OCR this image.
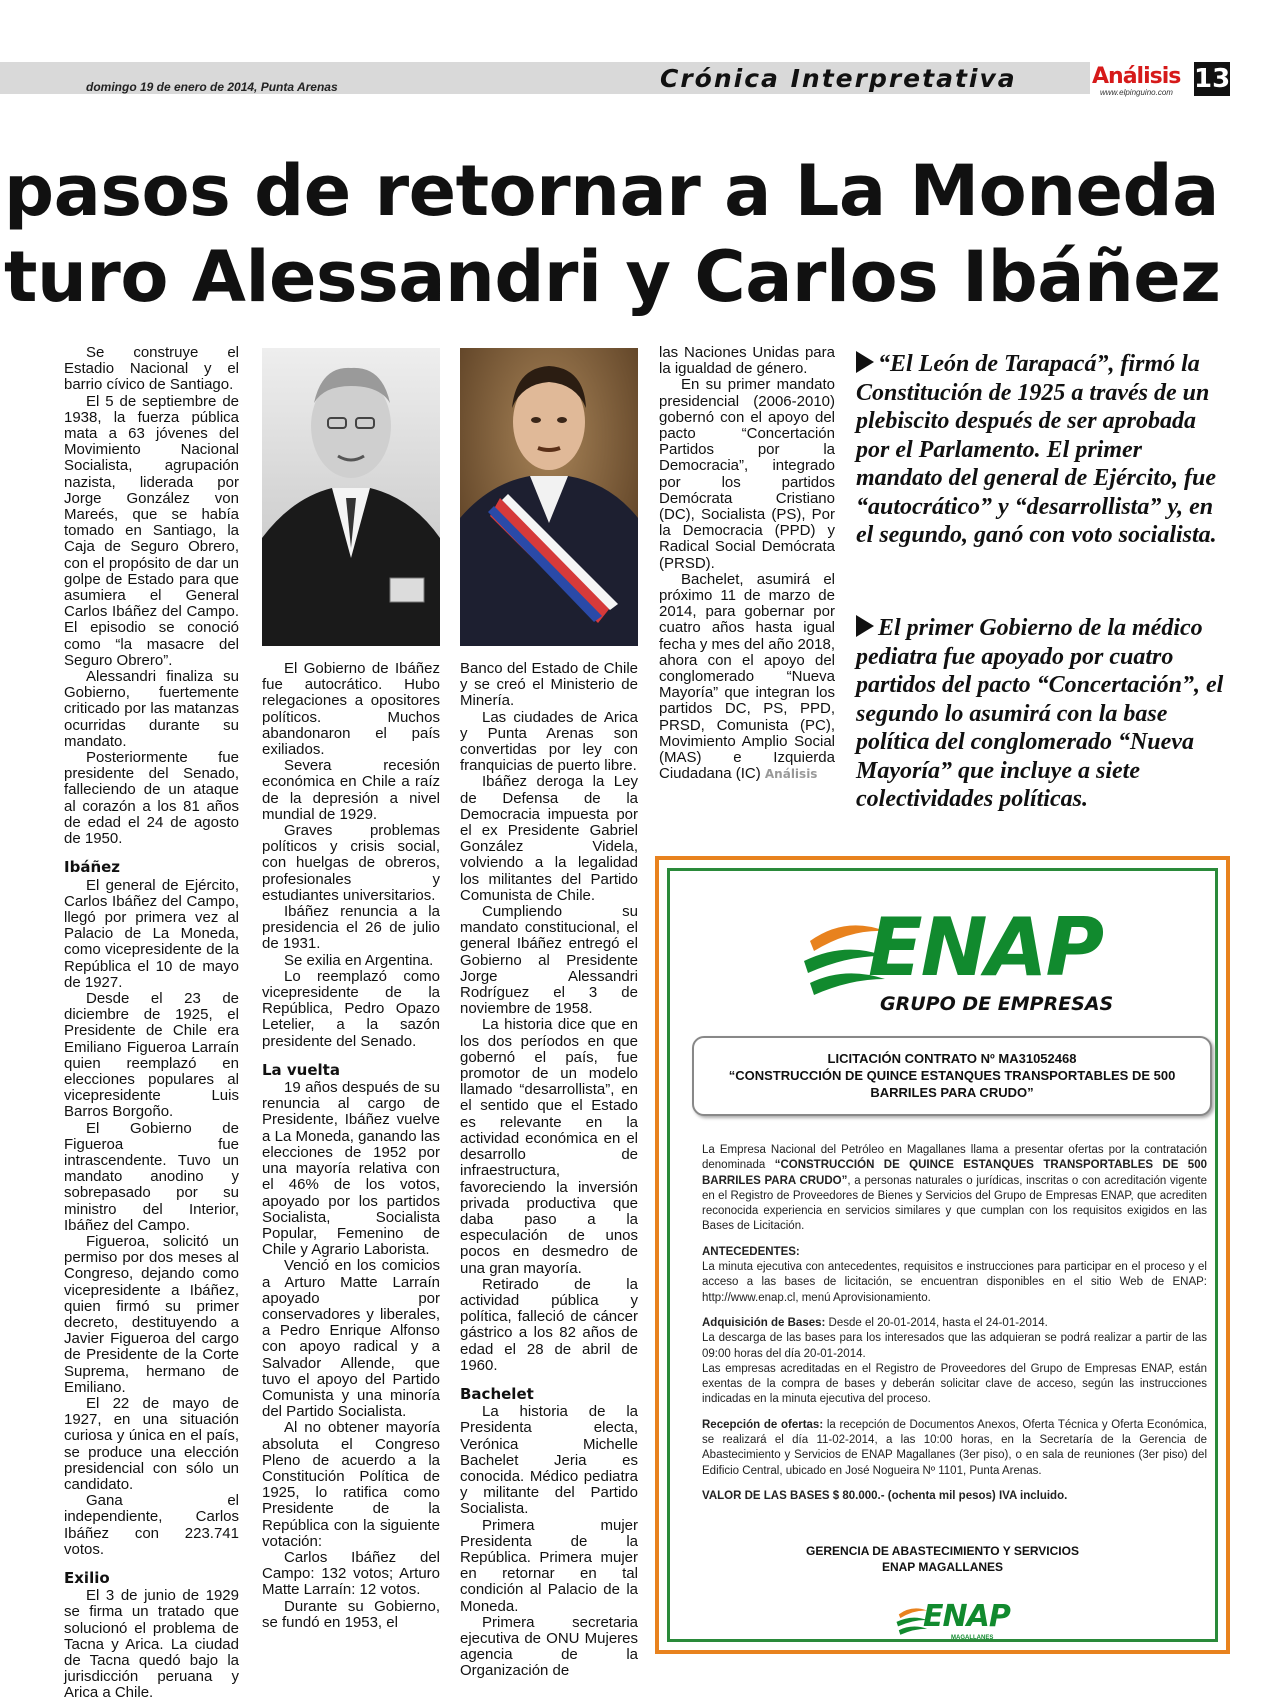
domingo 19 de enero de 2014, Punta Arenas	Crónica Interpretativa	Análisis
www.elpinguino.com 13
pasos de retornar a La Moneda
turo Alessandri y Carlos Ibáñez

Se construye el Estadio Nacional y el barrio cívico de Santiago.

El 5 de septiembre de 1938, la fuerza pública mata a 63 jóvenes del Movimiento Nacional Socialista, agrupación nazista, liderada por Jorge González von Mareés, que se había tomado en Santiago, la Caja de Seguro Obrero, con el propósito de dar un golpe de Estado para que asumiera el General Carlos Ibáñez del Campo. El episodio se conoció como “la masacre del Seguro Obrero”.

Alessandri finaliza su Gobierno, fuertemente criticado por las matanzas ocurridas durante su mandato.

Posteriormente fue presidente del Senado, falleciendo de un ataque al corazón a los 81 años de edad el 24 de agosto de 1950.

Ibáñez

El general de Ejército, Carlos Ibáñez del Campo, llegó por primera vez al Palacio de La Moneda, como vicepresidente de la República el 10 de mayo de 1927.

Desde el 23 de diciembre de 1925, el Presidente de Chile era Emiliano Figueroa Larraín quien reemplazó en elecciones populares al vicepresidente Luis Barros Borgoño.

El Gobierno de Figueroa fue intrascendente. Tuvo un mandato anodino y sobrepasado por su ministro del Interior, Ibáñez del Campo.

Figueroa, solicitó un permiso por dos meses al Congreso, dejando como vicepresidente a Ibáñez, quien firmó su primer decreto, destituyendo a Javier Figueroa del cargo de Presidente de la Corte Suprema, hermano de Emiliano.

El 22 de mayo de 1927, en una situación curiosa y única en el país, se produce una elección presidencial con sólo un candidato.

Gana el independiente, Carlos Ibáñez con 223.741 votos.

Exilio

El 3 de junio de 1929 se firma un tratado que solucionó el problema de Tacna y Arica. La ciudad de Tacna quedó bajo la jurisdicción peruana y Arica a Chile.

El Gobierno de Ibáñez fue autocrático. Hubo relegaciones a opositores políticos. Muchos abandonaron el país exiliados.

Severa recesión económica en Chile a raíz de la depresión a nivel mundial de 1929.

Graves problemas políticos y crisis social, con huelgas de obreros, profesionales y estudiantes universitarios.

Ibáñez renuncia a la presidencia el 26 de julio de 1931.

Se exilia en Argentina.

Lo reemplazó como vicepresidente de la República, Pedro Opazo Letelier, a la sazón presidente del Senado.

La vuelta

19 años después de su renuncia al cargo de Presidente, Ibáñez vuelve a La Moneda, ganando las elecciones de 1952 por una mayoría relativa con el 46% de los votos, apoyado por los partidos Socialista, Socialista Popular, Femenino de Chile y Agrario Laborista.

Venció en los comicios a Arturo Matte Larraín apoyado por conservadores y liberales, a Pedro Enrique Alfonso con apoyo radical y a Salvador Allende, que tuvo el apoyo del Partido Comunista y una minoría del Partido Socialista.

Al no obtener mayoría absoluta el Congreso Pleno de acuerdo a la Constitución Política de 1925, lo ratifica como Presidente de la República con la siguiente votación:

Carlos Ibáñez del Campo: 132 votos; Arturo Matte Larraín: 12 votos.

Durante su Gobierno, se fundó en 1953, el

Banco del Estado de Chile y se creó el Ministerio de Minería.

Las ciudades de Arica y Punta Arenas son convertidas por ley con franquicias de puerto libre.

Ibáñez deroga la Ley de Defensa de la Democracia impuesta por el ex Presidente Gabriel González Videla, volviendo a la legalidad los militantes del Partido Comunista de Chile.

Cumpliendo su mandato constitucional, el general Ibáñez entregó el Gobierno al Presidente Jorge Alessandri Rodríguez el 3 de noviembre de 1958.

La historia dice que en los dos períodos en que gobernó el país, fue promotor de un modelo llamado “desarrollista”, en el sentido que el Estado es relevante en la actividad económica en el desarrollo de infraestructura, favoreciendo la inversión privada productiva que daba paso a la especulación de unos pocos en desmedro de una gran mayoría.

Retirado de la actividad pública y política, falleció de cáncer gástrico a los 82 años de edad el 28 de abril de 1960.

Bachelet

La historia de la Presidenta electa, Verónica Michelle Bachelet Jeria es conocida. Médico pediatra y militante del Partido Socialista.

Primera mujer Presidenta de la República. Primera mujer en retornar en tal condición al Palacio de la Moneda.

Primera secretaria ejecutiva de ONU Mujeres agencia de la Organización de

las Naciones Unidas para la igualdad de género.

En su primer mandato presidencial (2006-2010) gobernó con el apoyo del pacto “Concertación Partidos por la Democracia”, integrado por los partidos Demócrata Cristiano (DC), Socialista (PS), Por la Democracia (PPD) y Radical Social Demócrata (PRSD).

Bachelet, asumirá el próximo 11 de marzo de 2014, para gobernar por cuatro años hasta igual fecha y mes del año 2018, ahora con el apoyo del conglomerado “Nueva Mayoría” que integran los partidos DC, PS, PPD, PRSD, Comunista (PC), Movimiento Amplio Social (MAS) e Izquierda Ciudadana (IC) Análisis

“El León de Tarapacá”, firmó la Constitución de 1925 a través de un plebiscito después de ser aprobada por el Parlamento. El primer mandato del general de Ejército, fue “autocrático” y “desarrollista” y, en el segundo, ganó con voto socialista.
El primer Gobierno de la médico pediatra fue apoyado por cuatro partidos del pacto “Concertación”, el segundo lo asumirá con la base política del conglomerado “Nueva Mayoría” que incluye a siete colectividades políticas.
ENAP
GRUPO DE EMPRESAS
LICITACIÓN CONTRATO Nº MA31052468
“CONSTRUCCIÓN DE QUINCE ESTANQUES TRANSPORTABLES DE 500
BARRILES PARA CRUDO”

La Empresa Nacional del Petróleo en Magallanes llama a presentar ofertas por la contratación denominada “CONSTRUCCIÓN DE QUINCE ESTANQUES TRANSPORTABLES DE 500 BARRILES PARA CRUDO”, a personas naturales o jurídicas, inscritas o con acreditación vigente en el Registro de Proveedores de Bienes y Servicios del Grupo de Empresas ENAP, que acrediten reconocida experiencia en servicios similares y que cumplan con los requisitos exigidos en las Bases de Licitación.

ANTECEDENTES:
La minuta ejecutiva con antecedentes, requisitos e instrucciones para participar en el proceso y el acceso a las bases de licitación, se encuentran disponibles en el sitio Web de ENAP: http://www.enap.cl, menú Aprovisionamiento.

Adquisición de Bases: Desde el 20-01-2014, hasta el 24-01-2014.
La descarga de las bases para los interesados que las adquieran se podrá realizar a partir de las 09:00 horas del día 20-01-2014.
Las empresas acreditadas en el Registro de Proveedores del Grupo de Empresas ENAP, están exentas de la compra de bases y deberán solicitar clave de acceso, según las instrucciones indicadas en la minuta ejecutiva del proceso.

Recepción de ofertas: la recepción de Documentos Anexos, Oferta Técnica y Oferta Económica, se realizará el día 11-02-2014, a las 10:00 horas, en la Secretaría de la Gerencia de Abastecimiento y Servicios de ENAP Magallanes (3er piso), o en sala de reuniones (3er piso) del Edificio Central, ubicado en José Nogueira Nº 1101, Punta Arenas.

VALOR DE LAS BASES $ 80.000.- (ochenta mil pesos) IVA incluido.

GERENCIA DE ABASTECIMIENTO Y SERVICIOS
ENAP MAGALLANES
ENAP
MAGALLANES
